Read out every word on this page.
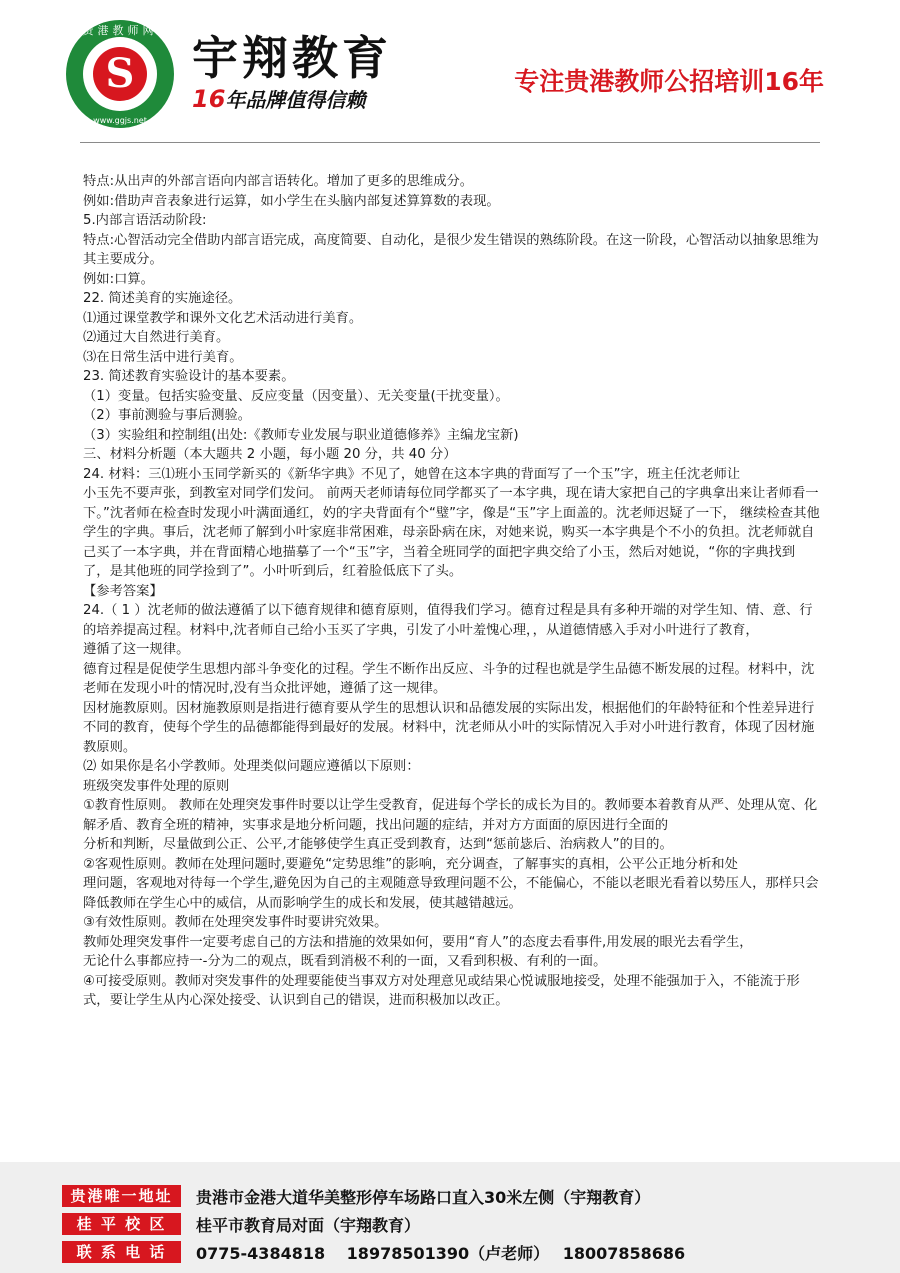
贵港教师网
S
www.ggjs.net
宇翔教育
16年品牌值得信赖
专注贵港教师公招培训16年

特点:从出声的外部言语向内部言语转化。增加了更多的思维成分。

例如:借助声音表象进行运算，如小学生在头脑内部复述算算数的表现。

5.内部言语活动阶段:

特点:心智活动完全借助内部言语完成，高度简要、自动化，是很少发生错误的熟练阶段。在这一阶段，心智活动以抽象思维为其主要成分。

例如:口算。

22. 简述美育的实施途径。

⑴通过课堂教学和课外文化艺术活动进行美育。

⑵通过大自然进行美育。

⑶在日常生活中进行美育。

23. 简述教育实验设计的基本要素。

（1）变量。包括实验变量、反应变量（因变量）、无关变量(干扰变量）。

（2）事前测验与事后测验。

（3）实验组和控制组(出处:《教师专业发展与职业道德修养》主编龙宝新)

三、材料分析题（本大题共 2 小题，每小题 20 分，共 40 分）

24. 材料：三⑴班小玉同学新买的《新华字典》不见了，她曾在这本字典的背面写了一个玉”字，班主任沈老师让

小玉先不要声张，到教室对同学们发问。 前两天老师请每位同学都买了一本字典，现在请大家把自己的字典拿出来让者师看一下。”沈者师在检查时发现小叶满面通红，妁的字夬背面有个“璧”字，像是“玉”字上面盖的。沈老师迟疑了一下， 继续检查其他学生的字典。事后，沈老师了解到小叶家庭非常困难，母亲卧病在床，对她来说，购买一本字典是个不小的负担。沈老师就自己买了一本字典，并在背面精心地描摹了一个“玉”字，当着全班同学的面把字典交给了小玉，然后对她说，“你的字典找到了，是其他班的同学捡到了”。小叶听到后，红着脸低底下了头。

【参考答案】

24.（ 1 ）沈老师的做法遵循了以下德育规律和德育原则，值得我们学习。德育过程是具有多种开端的对学生知、情、意、行的培养提高过程。材料中,沈者师自己给小玉买了字典，引发了小叶羞愧心理，，从道德情感入手对小叶进行了教育，

遵循了这一规律。

德育过程是促使学生思想内部斗争变化的过程。学生不断作出反应、斗争的过程也就是学生品德不断发展的过程。材料中，沈老师在发现小叶的情况时,没有当众批评她，遵循了这一规律。

因材施教原则。因材施教原则是指进行德育要从学生的思想认识和品德发展的实际出发，根据他们的年龄特征和个性差异进行不同的教育，使每个学生的品德都能得到最好的发展。材料中，沈老师从小叶的实际情况入手对小叶进行教育，体现了因材施教原则。

⑵ 如果你是名小学教师。处理类似问题应遵循以下原则：

班级突发事件处理的原则

①教育性原则。 教师在处理突发事件时要以让学生受教育，促进每个学长的成长为目的。教师要本着教育从严、处理从宽、化解矛盾、教育全班的精神，实事求是地分析问题，找出问题的症结，并对方方面面的原因进行全面的

分析和判断，尽量做到公正、公平,才能够使学生真正受到教育，达到“惩前毖后、治病救人”的目的。

②客观性原则。教师在处理问题时,要避免“定势思维”的影响，充分调查，了解事实的真相，公平公正地分析和处

理问题，客观地对待每一个学生,避免因为自己的主观随意导致理问题不公，不能偏心，不能以老眼光看着以势压人，那样只会降低教师在学生心中的威信，从而影响学生的成长和发展，使其越错越远。

③有效性原则。教师在处理突发事件时要讲究效果。

教师处理突发事件一定要考虑自己的方法和措施的效果如何，要用“育人”的态度去看事件,用发展的眼光去看学生，

无论什么事都应持一-分为二的观点，既看到消极不利的一面，又看到积极、有利的一面。

④可接受原则。教师对突发事件的处理要能使当事双方对处理意见或结果心悦诚服地接受，处理不能强加于入，不能流于形式，要让学生从内心深处接受、认识到自己的错误，进而积极加以改正。

贵港唯一地址	贵港市金港大道华美整形停车场路口直入30米左侧（宇翔教育）
桂 平 校 区	桂平市教育局对面（宇翔教育）
联 系 电 话	0775-4384818　 18978501390（卢老师）　 18007858686
